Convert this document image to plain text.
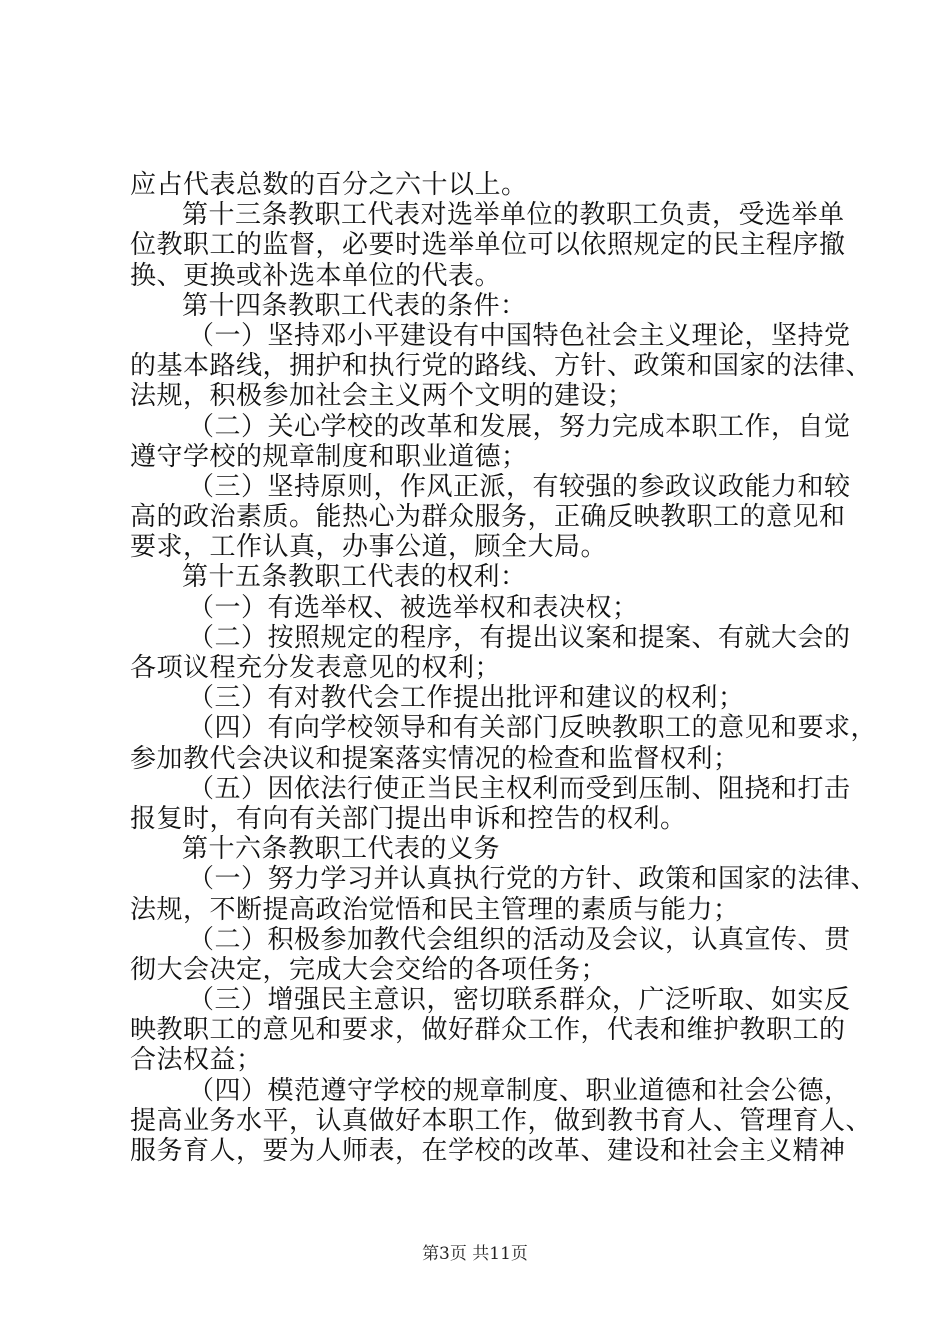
应占代表总数的百分之六十以上。
第十三条教职工代表对选举单位的教职工负责，受选举单
位教职工的监督，必要时选举单位可以依照规定的民主程序撤
换、更换或补选本单位的代表。
第十四条教职工代表的条件：
（一）坚持邓小平建设有中国特色社会主义理论，坚持党
的基本路线，拥护和执行党的路线、方针、政策和国家的法律、
法规，积极参加社会主义两个文明的建设；
（二）关心学校的改革和发展，努力完成本职工作，自觉
遵守学校的规章制度和职业道德；
（三）坚持原则，作风正派，有较强的参政议政能力和较
高的政治素质。能热心为群众服务，正确反映教职工的意见和
要求，工作认真，办事公道，顾全大局。
第十五条教职工代表的权利：
（一）有选举权、被选举权和表决权；
（二）按照规定的程序，有提出议案和提案、有就大会的
各项议程充分发表意见的权利；
（三）有对教代会工作提出批评和建议的权利；
（四）有向学校领导和有关部门反映教职工的意见和要求，
参加教代会决议和提案落实情况的检查和监督权利；
（五）因依法行使正当民主权利而受到压制、阻挠和打击
报复时，有向有关部门提出申诉和控告的权利。
第十六条教职工代表的义务
（一）努力学习并认真执行党的方针、政策和国家的法律、
法规，不断提高政治觉悟和民主管理的素质与能力；
（二）积极参加教代会组织的活动及会议，认真宣传、贯
彻大会决定，完成大会交给的各项任务；
（三）增强民主意识，密切联系群众，广泛听取、如实反
映教职工的意见和要求，做好群众工作，代表和维护教职工的
合法权益；
（四）模范遵守学校的规章制度、职业道德和社会公德，
提高业务水平，认真做好本职工作，做到教书育人、管理育人、
服务育人，要为人师表，在学校的改革、建设和社会主义精神
第3页 共11页
